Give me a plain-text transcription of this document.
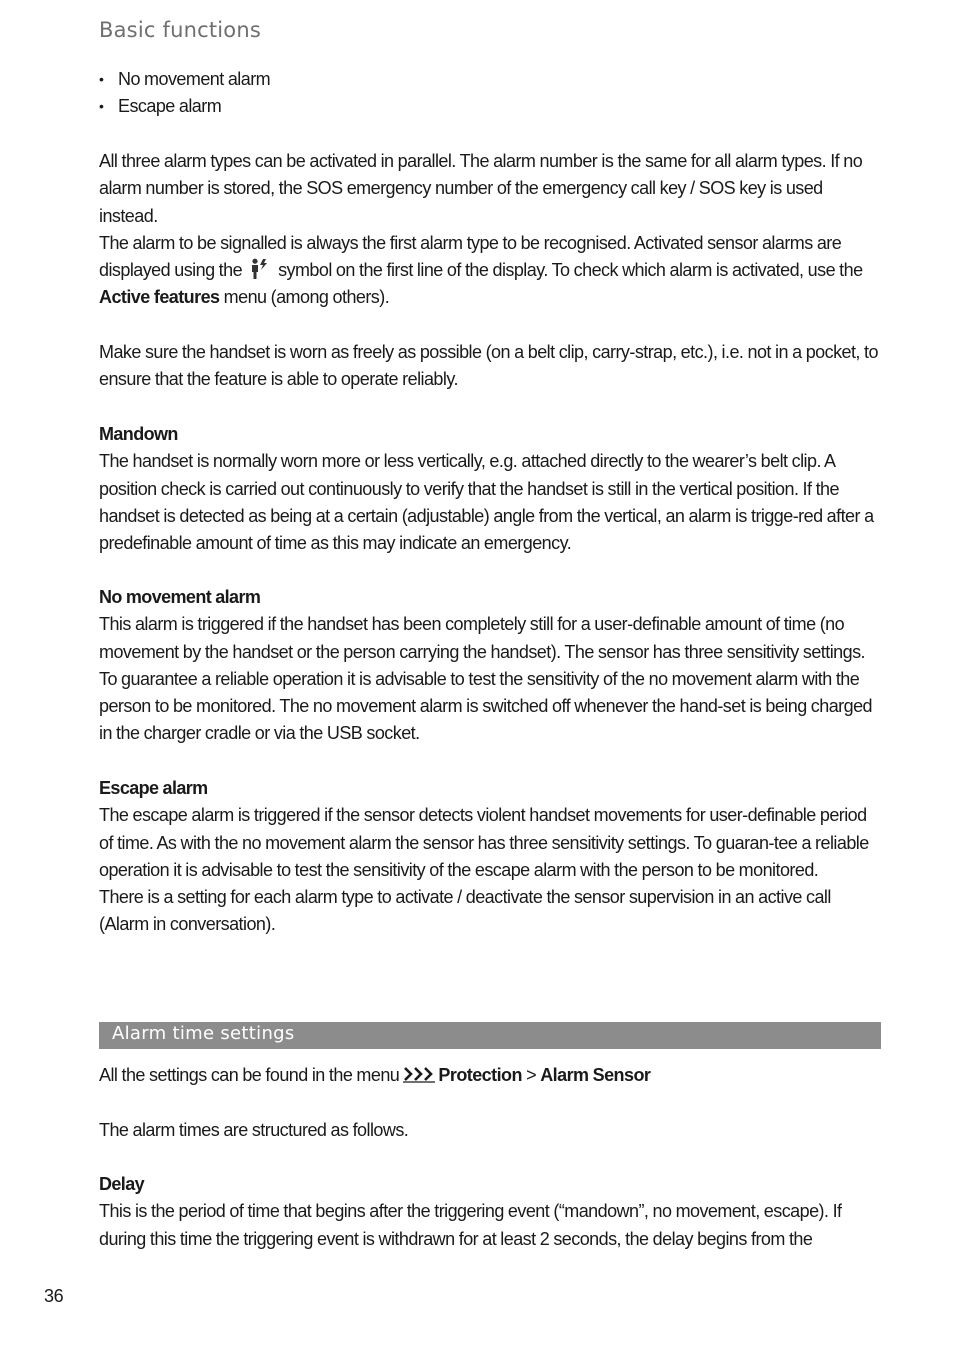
Basic functions
• No movement alarm
• Escape alarm

All three alarm types can be activated in parallel. The alarm number is the same for all alarm types. If no alarm number is stored, the SOS emergency number of the emergency call key / SOS key is used instead.
The alarm to be signalled is always the first alarm type to be recognised. Activated sensor alarms are displayed using the symbol on the first line of the display. To check which alarm is activated, use the Active features menu (among others).

Make sure the handset is worn as freely as possible (on a belt clip, carry-strap, etc.), i.e. not in a pocket, to ensure that the feature is able to operate reliably.

Mandown
The handset is normally worn more or less vertically, e.g. attached directly to the wearer’s belt clip. A position check is carried out continuously to verify that the handset is still in the vertical position. If the handset is detected as being at a certain (adjustable) angle from the vertical, an alarm is trigge-red after a predefinable amount of time as this may indicate an emergency.

No movement alarm
This alarm is triggered if the handset has been completely still for a user-definable amount of time (no movement by the handset or the person carrying the handset). The sensor has three sensitivity settings. To guarantee a reliable operation it is advisable to test the sensitivity of the no movement alarm with the person to be monitored. The no movement alarm is switched off whenever the hand-set is being charged in the charger cradle or via the USB socket.

Escape alarm
The escape alarm is triggered if the sensor detects violent handset movements for user-definable period of time. As with the no movement alarm the sensor has three sensitivity settings. To guaran-tee a reliable operation it is advisable to test the sensitivity of the escape alarm with the person to be monitored.
There is a setting for each alarm type to activate / deactivate the sensor supervision in an active call (Alarm in conversation).

Alarm time settings

All the settings can be found in the menu Protection > Alarm Sensor

The alarm times are structured as follows.

Delay
This is the period of time that begins after the triggering event (“mandown”, no movement, escape). If during this time the triggering event is withdrawn for at least 2 seconds, the delay begins from the

36
